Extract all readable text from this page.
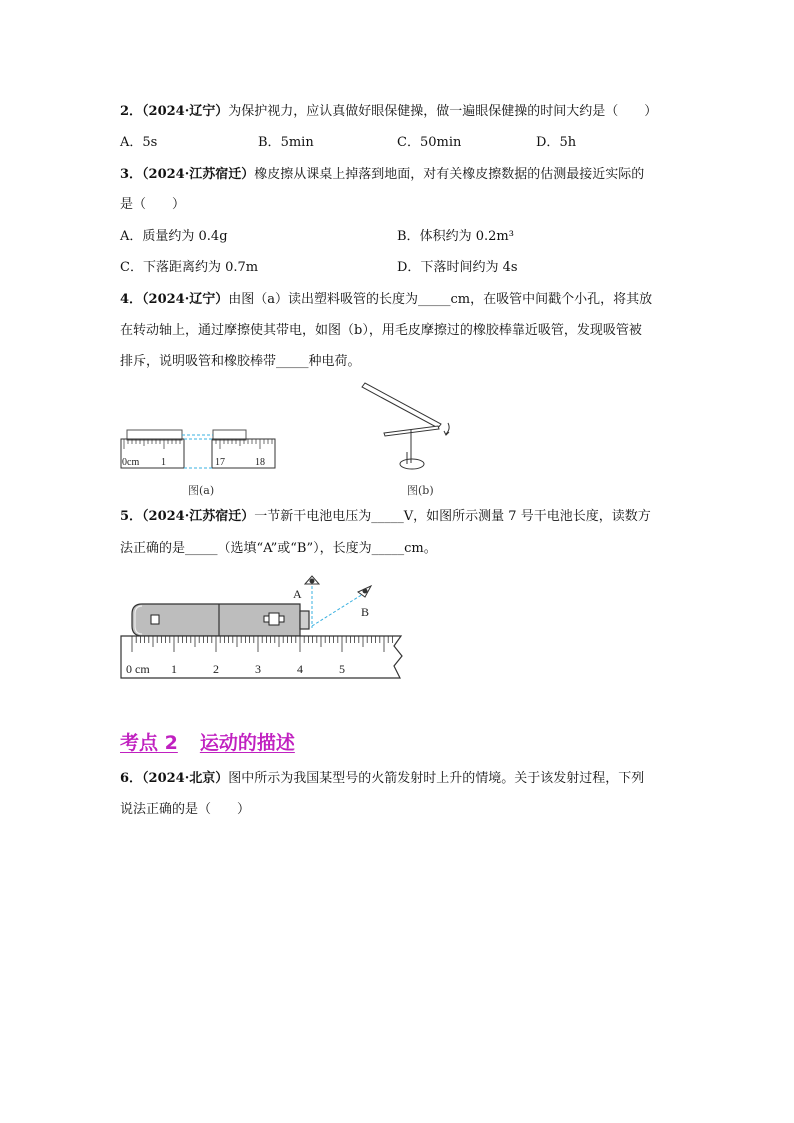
2．（2024·辽宁）为保护视力，应认真做好眼保健操，做一遍眼保健操的时间大约是（　　）
A．5s	B．5min	C．50min	D．5h
3．（2024·江苏宿迁）橡皮擦从课桌上掉落到地面，对有关橡皮擦数据的估测最接近实际的
是（　　）
A．质量约为 0.4g	B．体积约为 0.2m³
C．下落距离约为 0.7m	D．下落时间约为 4s
4．（2024·辽宁）由图（a）读出塑料吸管的长度为_____cm，在吸管中间戳个小孔，将其放
在转动轴上，通过摩擦使其带电，如图（b），用毛皮摩擦过的橡胶棒靠近吸管，发现吸管被
排斥，说明吸管和橡胶棒带_____种电荷。
0cm 1	17	18
图(a)	图(b)
5．（2024·江苏宿迁）一节新干电池电压为_____V，如图所示测量 7 号干电池长度，读数方
法正确的是_____（选填“A”或“B”），长度为_____cm。
A
B
0 cm 1	2	3	4	5
考点 2 运动的描述
6．（2024·北京）图中所示为我国某型号的火箭发射时上升的情境。关于该发射过程，下列
说法正确的是（　　）
